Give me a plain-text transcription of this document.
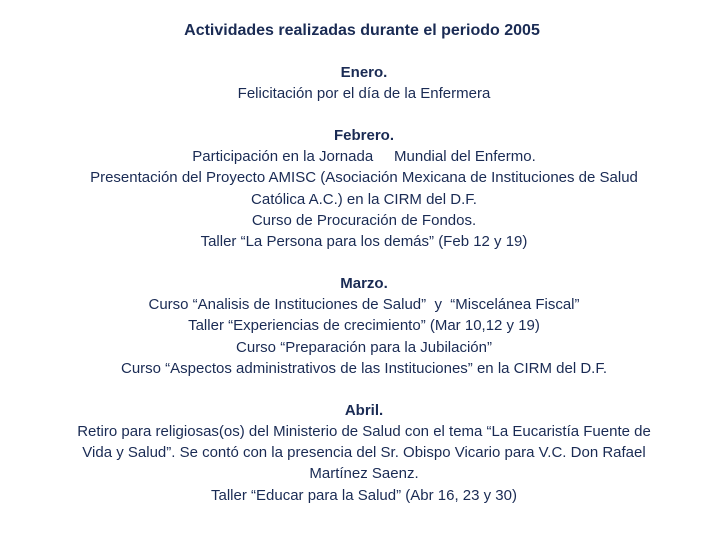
Actividades realizadas durante el periodo 2005
Enero.
Felicitación por el día de la Enfermera
Febrero.
Participación en la Jornada     Mundial del Enfermo.
Presentación del Proyecto AMISC (Asociación Mexicana de Instituciones de Salud
Católica A.C.) en la CIRM del D.F.
Curso de Procuración de Fondos.
Taller “La Persona para los demás” (Feb 12 y 19)
Marzo.
Curso “Analisis de Instituciones de Salud”  y  “Miscelánea Fiscal”
Taller “Experiencias de crecimiento” (Mar 10,12 y 19)
Curso “Preparación para la Jubilación”
Curso “Aspectos administrativos de las Instituciones” en la CIRM del D.F.
Abril.
Retiro para religiosas(os) del Ministerio de Salud con el tema “La Eucaristía Fuente de
Vida y Salud”. Se contó con la presencia del Sr. Obispo Vicario para V.C. Don Rafael
Martínez Saenz.
Taller “Educar para la Salud” (Abr 16, 23 y 30)
